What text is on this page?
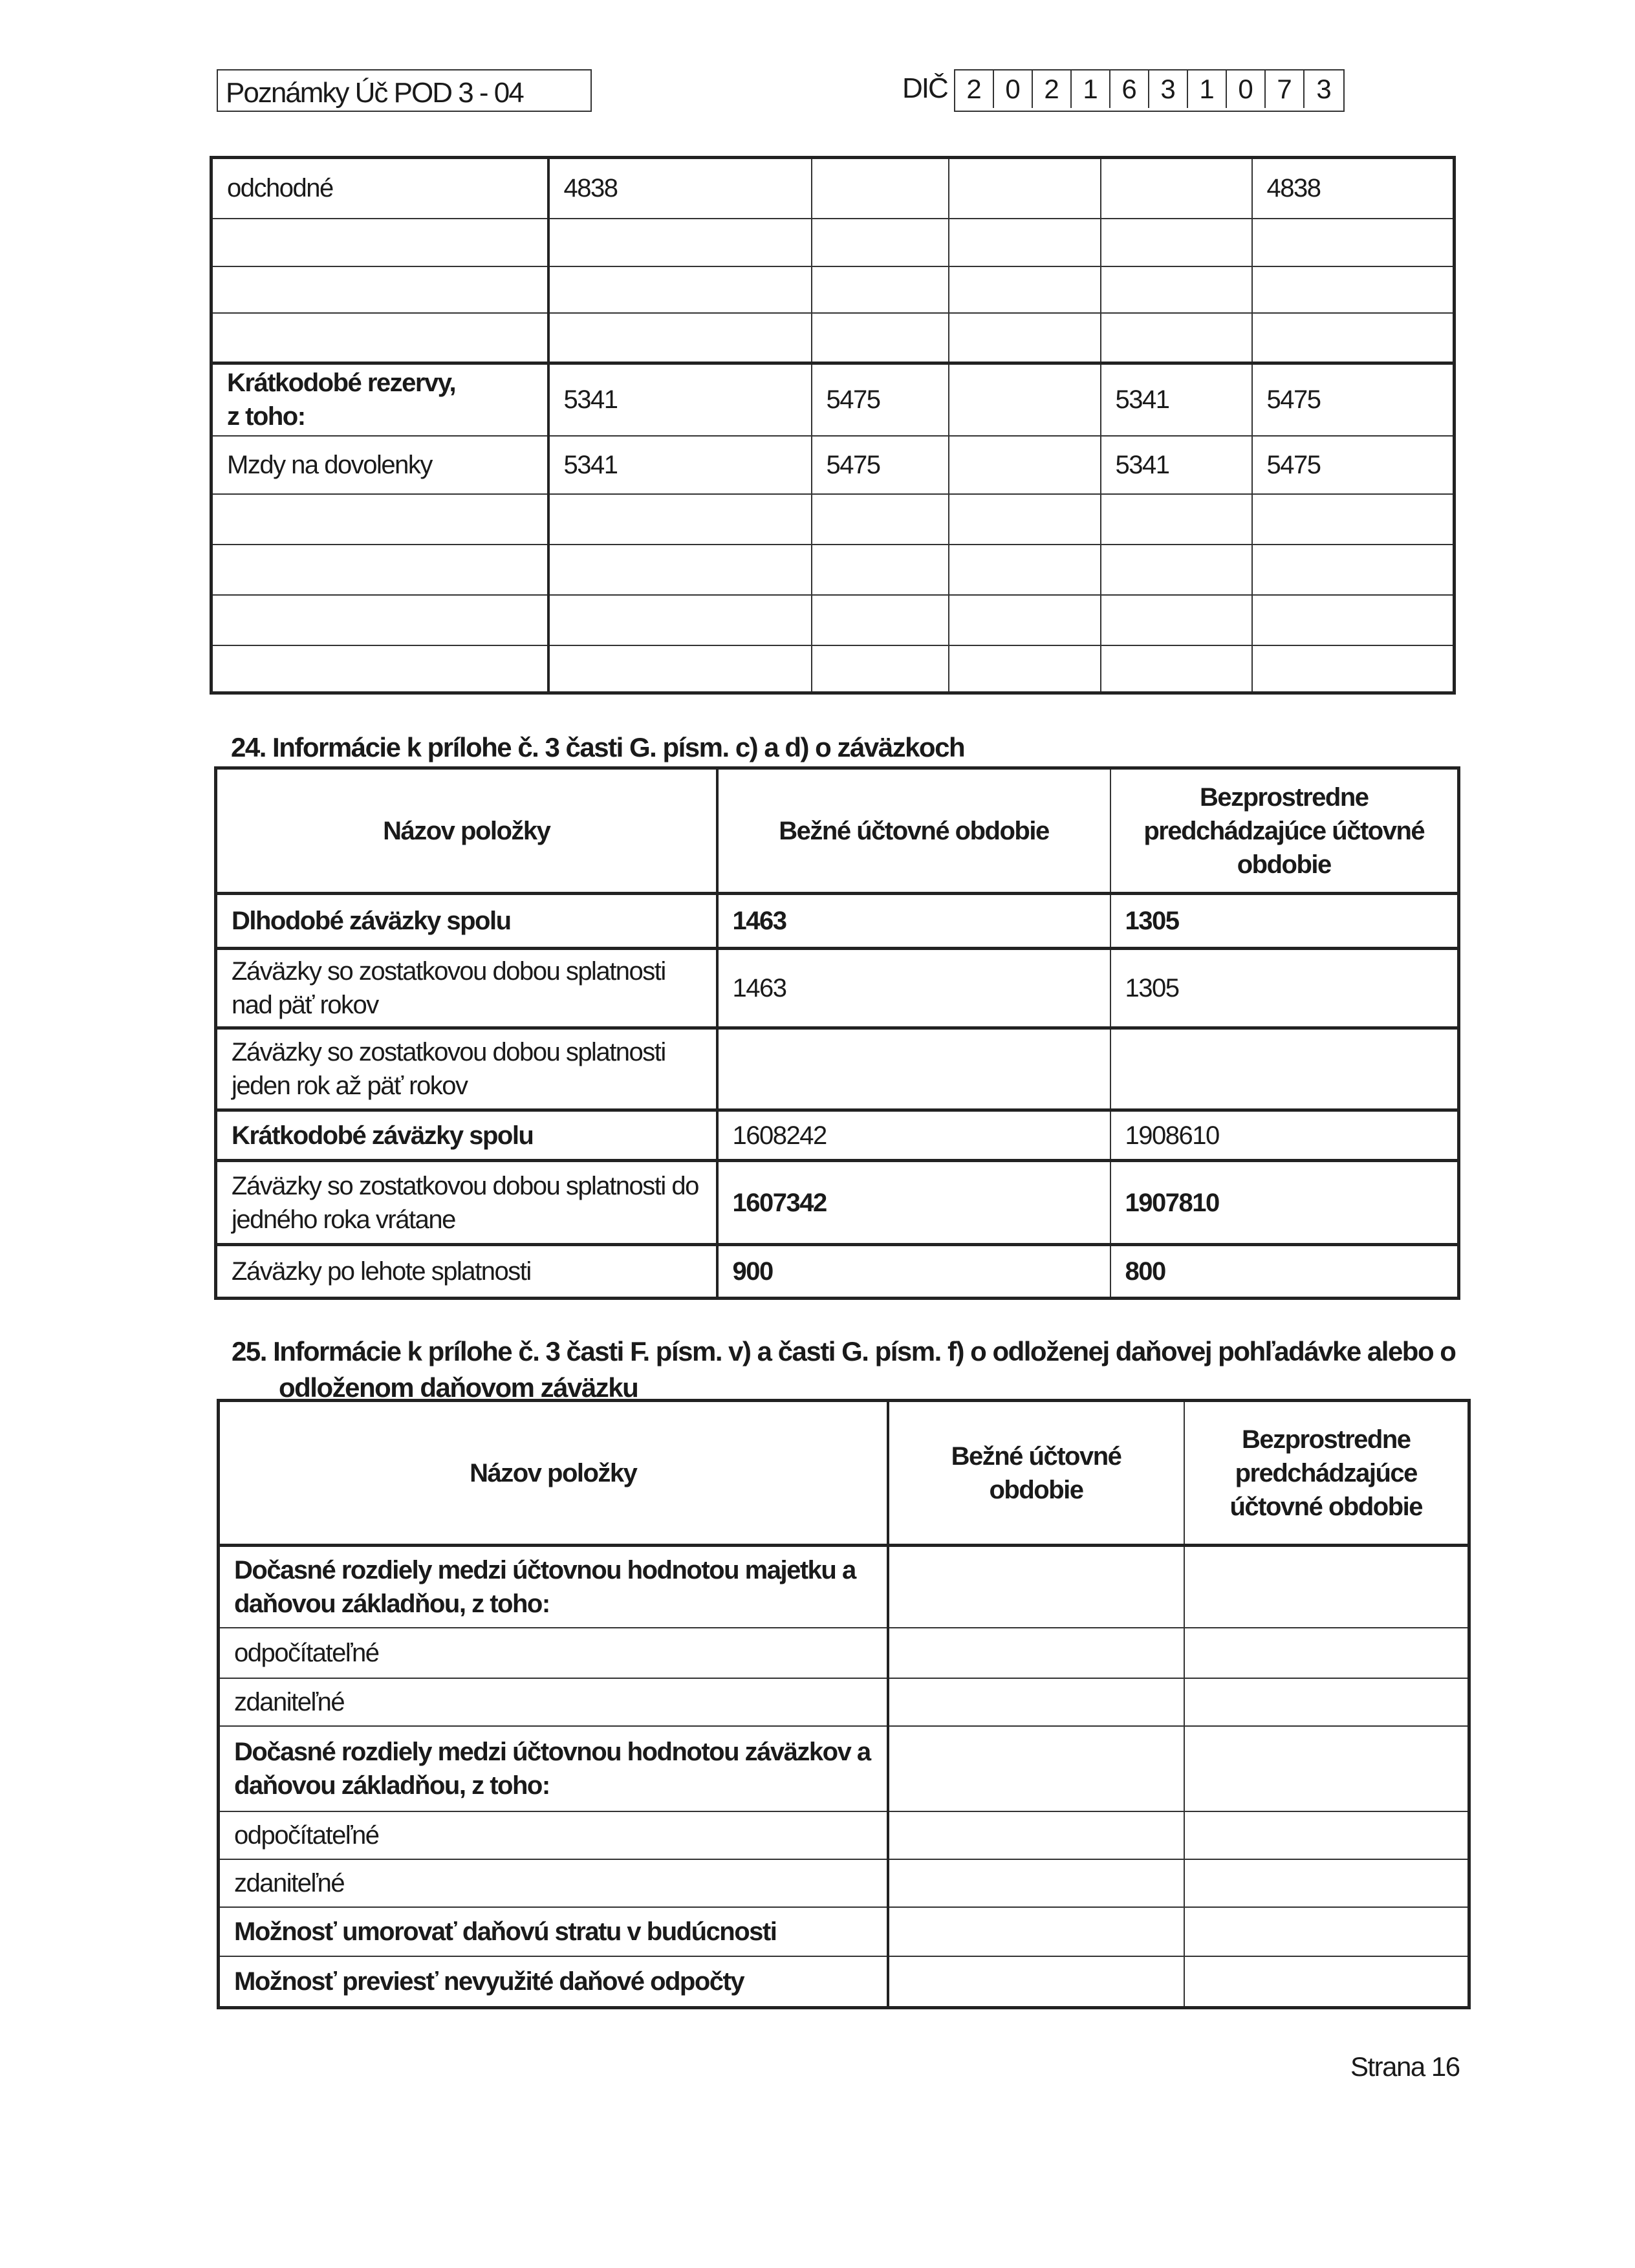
Poznámky Úč POD 3 - 04	DIČ 2 0 2 1 6 3 1 0 7 3
odchodné	4838				4838

Krátkodobé rezervy,
z toho:	5341	5475		5341	5475
Mzdy na dovolenky	5341	5475		5341	5475

24. Informácie k prílohe č. 3 časti G. písm. c) a d) o záväzkoch
Názov položky	Bežné účtovné obdobie	Bezprostredne predchádzajúce účtovné obdobie
Dlhodobé záväzky spolu	1463	1305
Záväzky so zostatkovou dobou splatnosti nad päť rokov	1463	1305
Záväzky so zostatkovou dobou splatnosti jeden rok až päť rokov		
Krátkodobé záväzky spolu	1608242	1908610
Záväzky so zostatkovou dobou splatnosti do jedného roka vrátane	1607342	1907810
Záväzky po lehote splatnosti	900	800
25. Informácie k prílohe č. 3 časti F. písm. v) a časti G. písm. f) o odloženej daňovej pohľadávke alebo o
odloženom daňovom záväzku
Názov položky	Bežné účtovné obdobie	Bezprostredne predchádzajúce účtovné obdobie
Dočasné rozdiely medzi účtovnou hodnotou majetku a daňovou základňou, z toho:		
odpočítateľné		
zdaniteľné		
Dočasné rozdiely medzi účtovnou hodnotou záväzkov a daňovou základňou, z toho:		
odpočítateľné		
zdaniteľné		
Možnosť umorovať daňovú stratu v budúcnosti		
Možnosť previesť nevyužité daňové odpočty		
Strana 16
